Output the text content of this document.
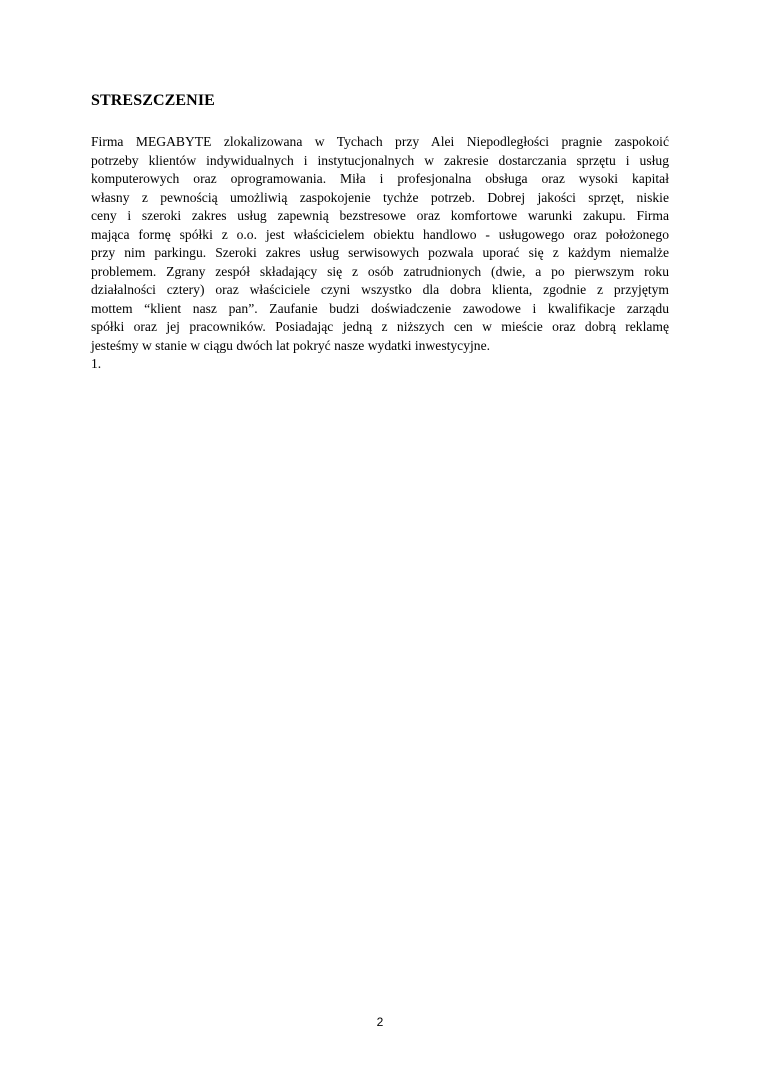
STRESZCZENIE
Firma MEGABYTE zlokalizowana w Tychach przy Alei Niepodległości pragnie zaspokoić
potrzeby klientów indywidualnych i instytucjonalnych w zakresie dostarczania sprzętu i usług
komputerowych oraz oprogramowania. Miła i profesjonalna obsługa oraz wysoki kapitał
własny z pewnością umożliwią zaspokojenie tychże potrzeb. Dobrej jakości sprzęt, niskie
ceny i szeroki zakres usług zapewnią bezstresowe oraz komfortowe warunki zakupu. Firma
mająca formę spółki z o.o. jest właścicielem obiektu handlowo - usługowego oraz położonego
przy nim parkingu. Szeroki zakres usług serwisowych pozwala uporać się z każdym niemalże
problemem. Zgrany zespół składający się z osób zatrudnionych (dwie, a po pierwszym roku
działalności cztery) oraz właściciele czyni wszystko dla dobra klienta, zgodnie z przyjętym
mottem “klient nasz pan”. Zaufanie budzi doświadczenie zawodowe i kwalifikacje zarządu
spółki oraz jej pracowników. Posiadając jedną z niższych cen w mieście oraz dobrą reklamę
jesteśmy w stanie w ciągu dwóch lat pokryć nasze wydatki inwestycyjne.
1.
2
